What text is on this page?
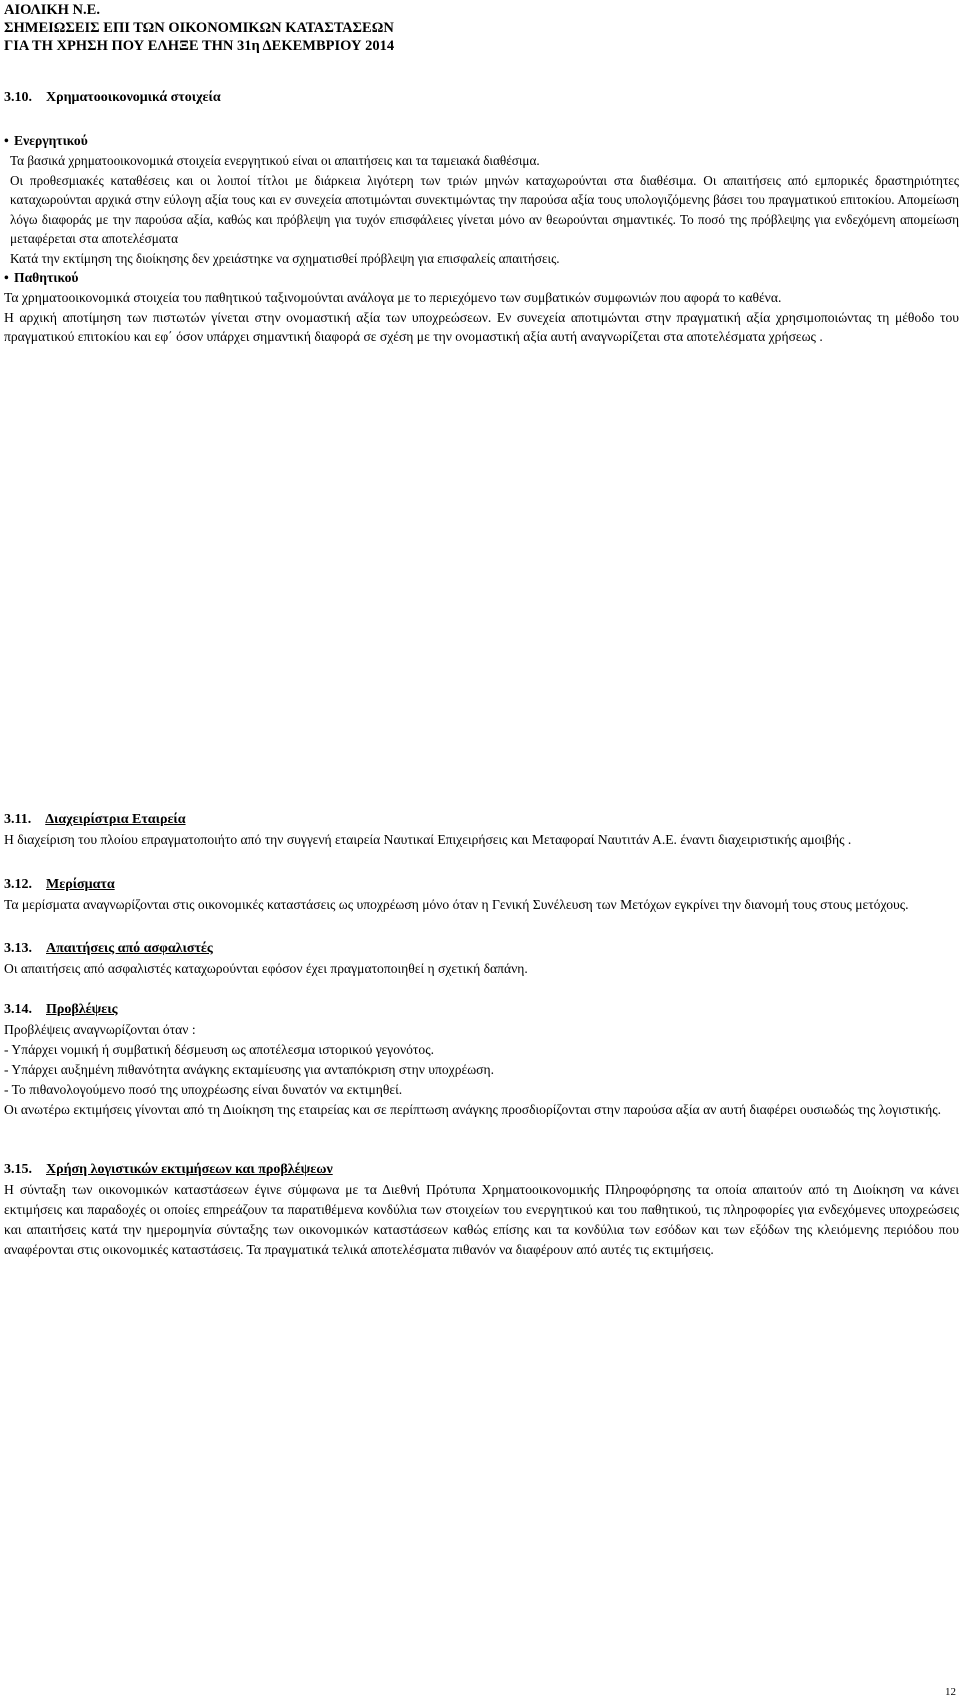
ΑΙΟΛΙΚΗ Ν.Ε.
ΣΗΜΕΙΩΣΕΙΣ ΕΠΙ ΤΩΝ ΟΙΚΟΝΟΜΙΚΩΝ ΚΑΤΑΣΤΑΣΕΩΝ
ΓΙΑ ΤΗ ΧΡΗΣΗ ΠΟΥ ΕΛΗΞΕ ΤΗΝ 31η ΔΕΚΕΜΒΡΙΟΥ 2014
3.10. Χρηματοοικονομικά στοιχεία
• Ενεργητικού

Τα βασικά χρηματοοικονομικά στοιχεία ενεργητικού είναι οι απαιτήσεις και τα ταμειακά διαθέσιμα.

Οι προθεσμιακές καταθέσεις και οι λοιποί τίτλοι με διάρκεια λιγότερη των τριών μηνών καταχωρούνται στα διαθέσιμα. Οι απαιτήσεις από εμπορικές δραστηριότητες καταχωρούνται αρχικά στην εύλογη αξία τους και εν συνεχεία αποτιμώνται συνεκτιμώντας την παρούσα αξία τους υπολογιζόμενης βάσει του πραγματικού επιτοκίου. Απομείωση λόγω διαφοράς με την παρούσα αξία, καθώς και πρόβλεψη για τυχόν επισφάλειες γίνεται μόνο αν θεωρούνται σημαντικές. Το ποσό της πρόβλεψης για ενδεχόμενη απομείωση μεταφέρεται στα αποτελέσματα

Κατά την εκτίμηση της διοίκησης δεν χρειάστηκε να σχηματισθεί πρόβλεψη για επισφαλείς απαιτήσεις.

• Παθητικού

Τα χρηματοοικονομικά στοιχεία του παθητικού ταξινομούνται ανάλογα με το περιεχόμενο των συμβατικών συμφωνιών που αφορά το καθένα.

Η αρχική αποτίμηση των πιστωτών γίνεται στην ονομαστική αξία των υποχρεώσεων. Εν συνεχεία αποτιμώνται στην πραγματική αξία χρησιμοποιώντας τη μέθοδο του πραγματικού επιτοκίου και εφ΄ όσον υπάρχει σημαντική διαφορά σε σχέση με την ονομαστική αξία αυτή αναγνωρίζεται στα αποτελέσματα χρήσεως .

3.11. Διαχειρίστρια Εταιρεία

Η διαχείριση του πλοίου επραγματοποιήτο από την συγγενή εταιρεία Ναυτικαί Επιχειρήσεις και Μεταφοραί Ναυτιτάν Α.Ε. έναντι διαχειριστικής αμοιβής .

3.12. Μερίσματα

Τα μερίσματα αναγνωρίζονται στις οικονομικές καταστάσεις ως υποχρέωση μόνο όταν η Γενική Συνέλευση των Μετόχων εγκρίνει την διανομή τους στους μετόχους.

3.13. Απαιτήσεις από ασφαλιστές

Οι απαιτήσεις από ασφαλιστές καταχωρούνται εφόσον έχει πραγματοποιηθεί η σχετική δαπάνη.

3.14. Προβλέψεις

Προβλέψεις αναγνωρίζονται όταν :

- Υπάρχει νομική ή συμβατική δέσμευση ως αποτέλεσμα ιστορικού γεγονότος.

- Υπάρχει αυξημένη πιθανότητα ανάγκης εκταμίευσης για ανταπόκριση στην υποχρέωση.

- Το πιθανολογούμενο ποσό της υποχρέωσης είναι δυνατόν να εκτιμηθεί.

Οι ανωτέρω εκτιμήσεις γίνονται από τη Διοίκηση της εταιρείας και σε περίπτωση ανάγκης προσδιορίζονται στην παρούσα αξία αν αυτή διαφέρει ουσιωδώς της λογιστικής.

3.15. Χρήση λογιστικών εκτιμήσεων και προβλέψεων

Η σύνταξη των οικονομικών καταστάσεων έγινε σύμφωνα με τα Διεθνή Πρότυπα Χρηματοοικονομικής Πληροφόρησης τα οποία απαιτούν από τη Διοίκηση να κάνει εκτιμήσεις και παραδοχές οι οποίες επηρεάζουν τα παρατιθέμενα κονδύλια των στοιχείων του ενεργητικού και του παθητικού, τις πληροφορίες για ενδεχόμενες υποχρεώσεις και απαιτήσεις κατά την ημερομηνία σύνταξης των οικονομικών καταστάσεων καθώς επίσης και τα κονδύλια των εσόδων και των εξόδων της κλειόμενης περιόδου που αναφέρονται στις οικονομικές καταστάσεις. Τα πραγματικά τελικά αποτελέσματα πιθανόν να διαφέρουν από αυτές τις εκτιμήσεις.

12
